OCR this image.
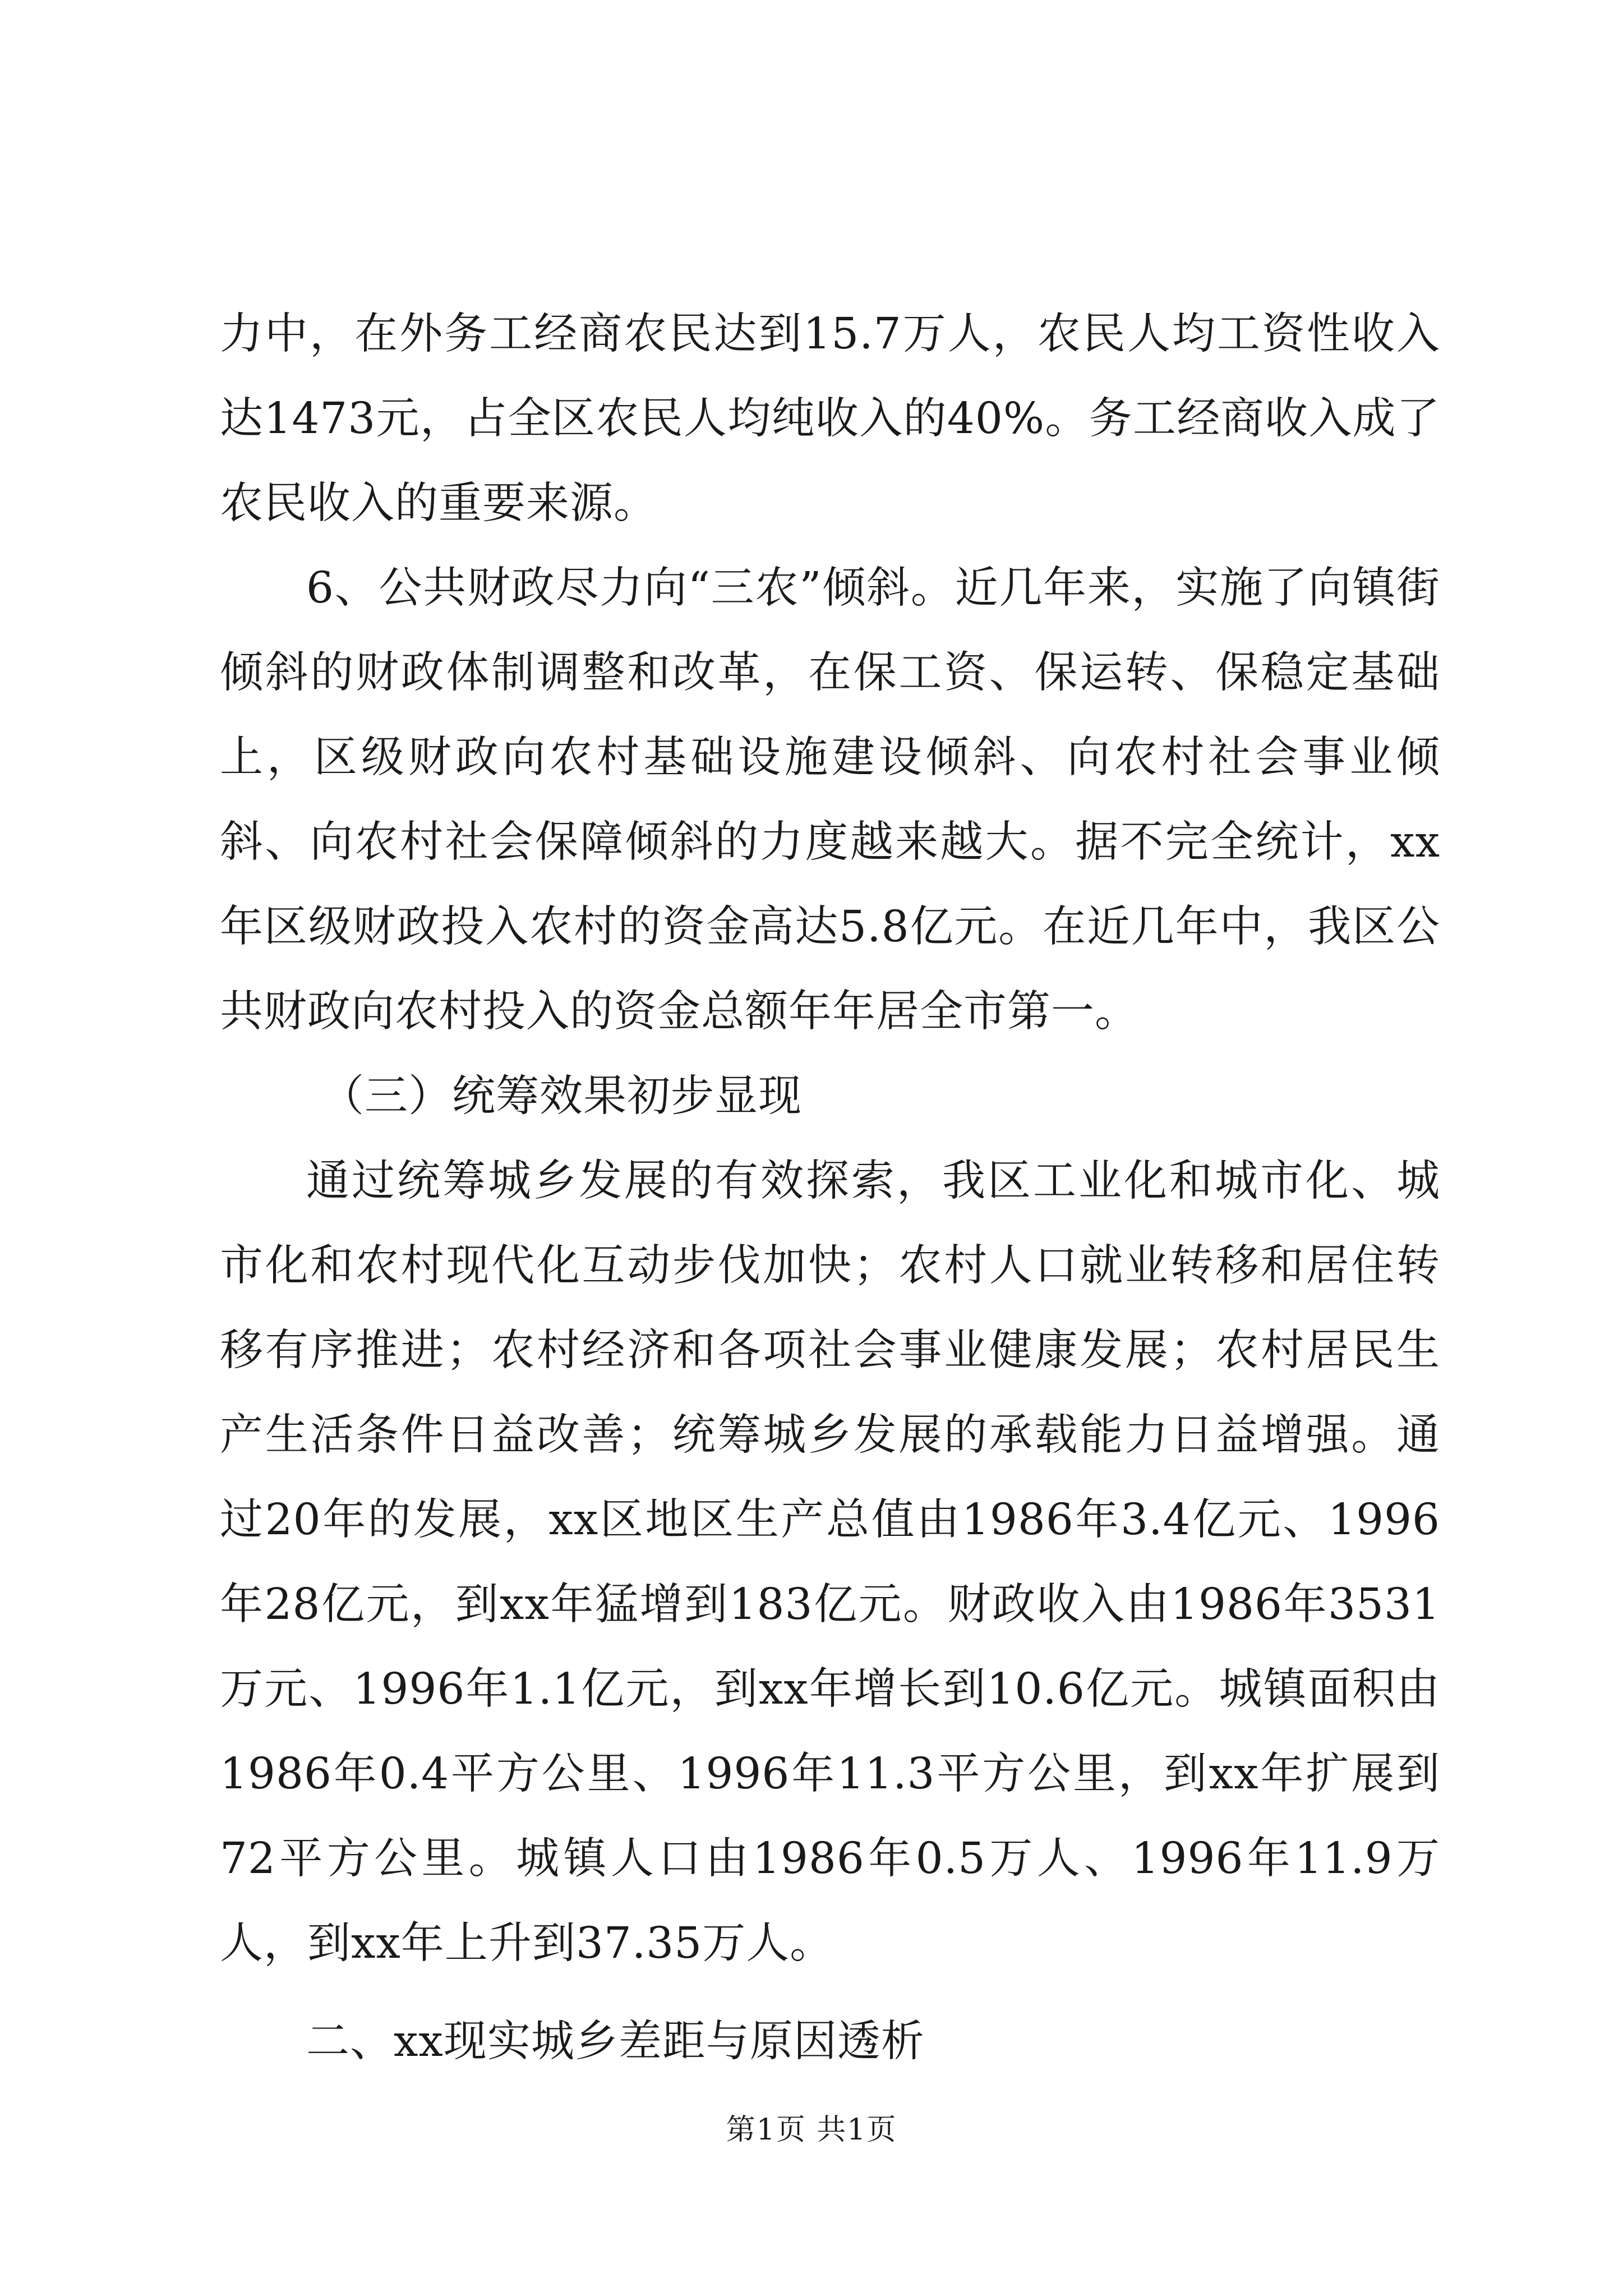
力中，在外务工经商农民达到15.7万人，农民人均工资性收入达1473元，占全区农民人均纯收入的40%。务工经商收入成了农民收入的重要来源。

6、公共财政尽力向“三农”倾斜。近几年来，实施了向镇街倾斜的财政体制调整和改革，在保工资、保运转、保稳定基础上，区级财政向农村基础设施建设倾斜、向农村社会事业倾斜、向农村社会保障倾斜的力度越来越大。据不完全统计，xx年区级财政投入农村的资金高达5.8亿元。在近几年中，我区公共财政向农村投入的资金总额年年居全市第一。

（三）统筹效果初步显现

通过统筹城乡发展的有效探索，我区工业化和城市化、城市化和农村现代化互动步伐加快；农村人口就业转移和居住转移有序推进；农村经济和各项社会事业健康发展；农村居民生产生活条件日益改善；统筹城乡发展的承载能力日益增强。通过20年的发展，xx区地区生产总值由1986年3.4亿元、1996年28亿元，到xx年猛增到183亿元。财政收入由1986年3531万元、1996年1.1亿元，到xx年增长到10.6亿元。城镇面积由1986年0.4平方公里、1996年11.3平方公里，到xx年扩展到72平方公里。城镇人口由1986年0.5万人、1996年11.9万人，到xx年上升到37.35万人。

二、xx现实城乡差距与原因透析

第1页 共1页
